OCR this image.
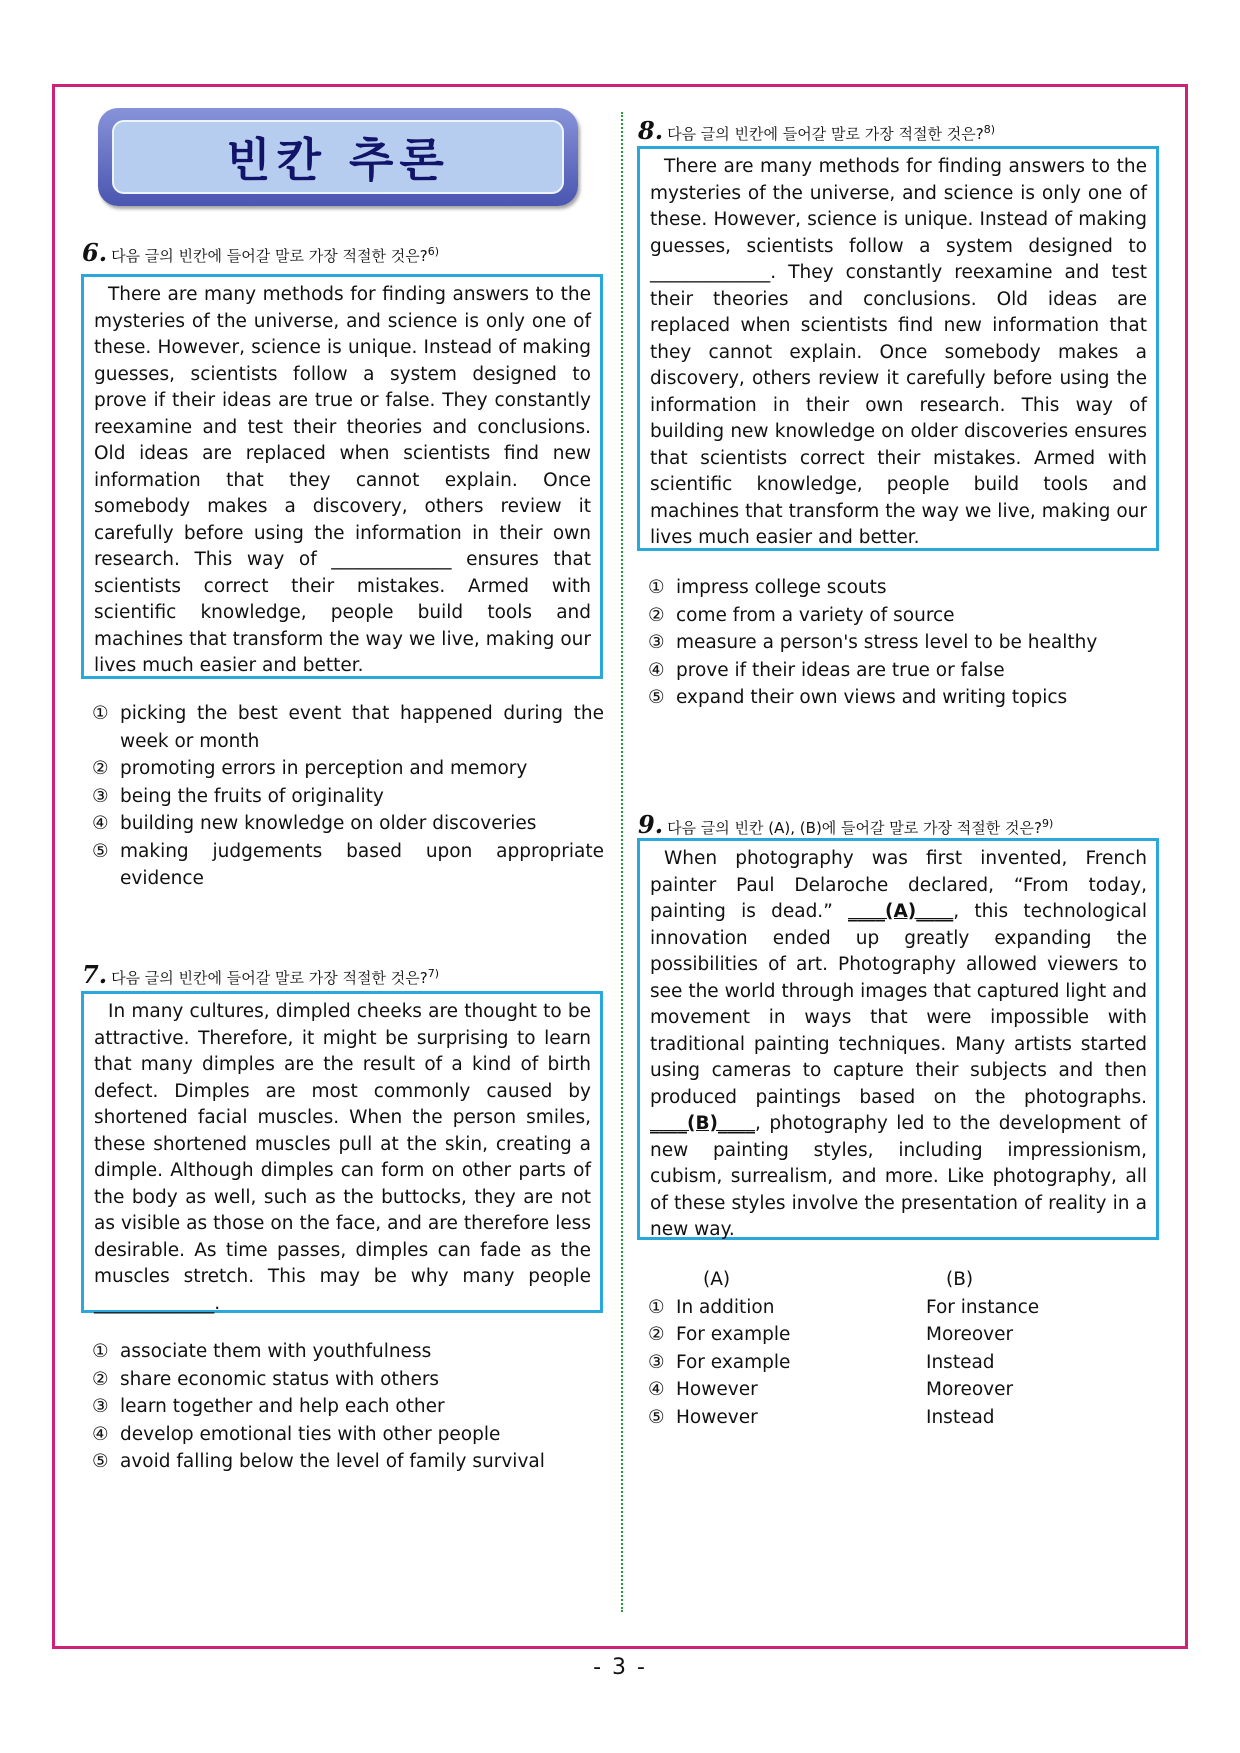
빈칸 추론
6. 다음 글의 빈칸에 들어갈 말로 가장 적절한 것은?$^{6)}$

There are many methods for finding answers to the mysteries of the universe, and science is only one of these. However, science is unique. Instead of making guesses, scientists follow a system designed to prove if their ideas are true or false. They constantly reexamine and test their theories and conclusions. Old ideas are replaced when scientists find new information that they cannot explain. Once somebody makes a discovery, others review it carefully before using the information in their own research. This way of _____________ ensures that scientists correct their mistakes. Armed with scientific knowledge, people build tools and machines that transform the way we live, making our lives much easier and better.

① picking the best event that happened during the week or month
② promoting errors in perception and memory
③ being the fruits of originality
④ building new knowledge on older discoveries
⑤ making judgements based upon appropriate evidence
7. 다음 글의 빈칸에 들어갈 말로 가장 적절한 것은?$^{7)}$

In many cultures, dimpled cheeks are thought to be attractive. Therefore, it might be surprising to learn that many dimples are the result of a kind of birth defect. Dimples are most commonly caused by shortened facial muscles. When the person smiles, these shortened muscles pull at the skin, creating a dimple. Although dimples can form on other parts of the body as well, such as the buttocks, they are not as visible as those on the face, and are therefore less desirable. As time passes, dimples can fade as the muscles stretch. This may be why many people _____________.

① associate them with youthfulness
② share economic status with others
③ learn together and help each other
④ develop emotional ties with other people
⑤ avoid falling below the level of family survival
8. 다음 글의 빈칸에 들어갈 말로 가장 적절한 것은?$^{8)}$

There are many methods for finding answers to the mysteries of the universe, and science is only one of these. However, science is unique. Instead of making guesses, scientists follow a system designed to _____________. They constantly reexamine and test their theories and conclusions. Old ideas are replaced when scientists find new information that they cannot explain. Once somebody makes a discovery, others review it carefully before using the information in their own research. This way of building new knowledge on older discoveries ensures that scientists correct their mistakes. Armed with scientific knowledge, people build tools and machines that transform the way we live, making our lives much easier and better.

① impress college scouts
② come from a variety of source
③ measure a person's stress level to be healthy
④ prove if their ideas are true or false
⑤ expand their own views and writing topics
9. 다음 글의 빈칸 (A), (B)에 들어갈 말로 가장 적절한 것은?$^{9)}$

When photography was first invented, French painter Paul Delaroche declared, “From today, painting is dead.” ____(A)____, this technological innovation ended up greatly expanding the possibilities of art. Photography allowed viewers to see the world through images that captured light and movement in ways that were impossible with traditional painting techniques. Many artists started using cameras to capture their subjects and then produced paintings based on the photographs. ____(B)____, photography led to the development of new painting styles, including impressionism, cubism, surrealism, and more. Like photography, all of these styles involve the presentation of reality in a new way.

(A)	(B)
① In addition	For instance
② For example	Moreover
③ For example	Instead
④ However	Moreover
⑤ However	Instead
- 3 -
